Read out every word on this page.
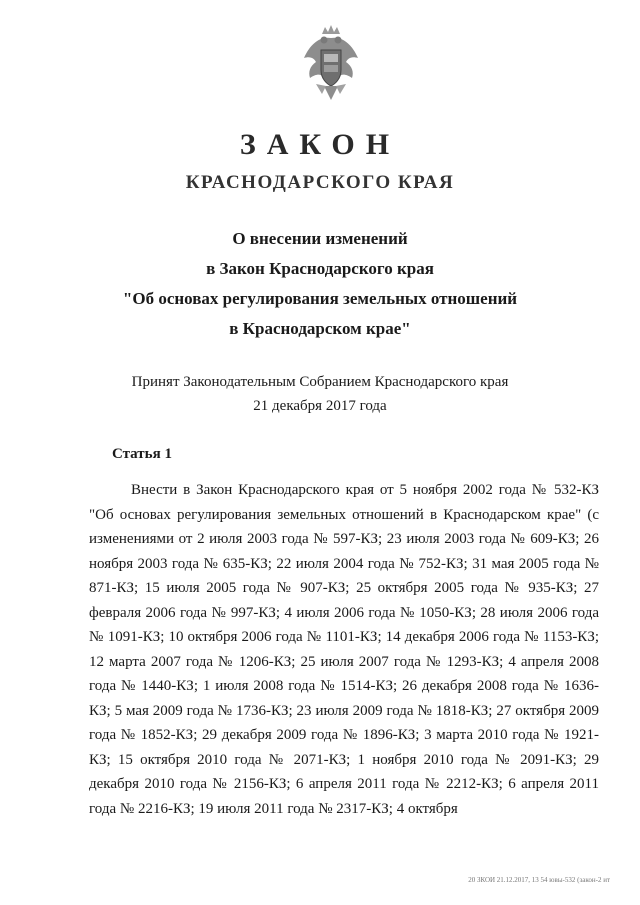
ЗАКОН
КРАСНОДАРСКОГО КРАЯ
О внесении изменений
в Закон Краснодарского края
"Об основах регулирования земельных отношений
в Краснодарском крае"
Принят Законодательным Собранием Краснодарского края
21 декабря 2017 года
Статья 1
Внести в Закон Краснодарского края от 5 ноября 2002 года № 532-КЗ "Об основах регулирования земельных отношений в Краснодарском крае" (с изменениями от 2 июля 2003 года № 597-КЗ; 23 июля 2003 года № 609-КЗ; 26 ноября 2003 года № 635-КЗ; 22 июля 2004 года № 752-КЗ; 31 мая 2005 года № 871-КЗ; 15 июля 2005 года № 907-КЗ; 25 октября 2005 года № 935-КЗ; 27 февраля 2006 года № 997-КЗ; 4 июля 2006 года № 1050-КЗ; 28 июля 2006 года № 1091-КЗ; 10 октября 2006 года № 1101-КЗ; 14 декабря 2006 года № 1153-КЗ; 12 марта 2007 года № 1206-КЗ; 25 июля 2007 года № 1293-КЗ; 4 апреля 2008 года № 1440-КЗ; 1 июля 2008 года № 1514-КЗ; 26 декабря 2008 года № 1636-КЗ; 5 мая 2009 года № 1736-КЗ; 23 июля 2009 года № 1818-КЗ; 27 октября 2009 года № 1852-КЗ; 29 декабря 2009 года № 1896-КЗ; 3 марта 2010 года № 1921-КЗ; 15 октября 2010 года № 2071-КЗ; 1 ноября 2010 года № 2091-КЗ; 29 декабря 2010 года № 2156-КЗ; 6 апреля 2011 года № 2212-КЗ; 6 апреля 2011 года № 2216-КЗ; 19 июля 2011 года № 2317-КЗ; 4 октября
20 ЗКОИ 21.12.2017, 13 54 ювы-532 (закон-2 ит
